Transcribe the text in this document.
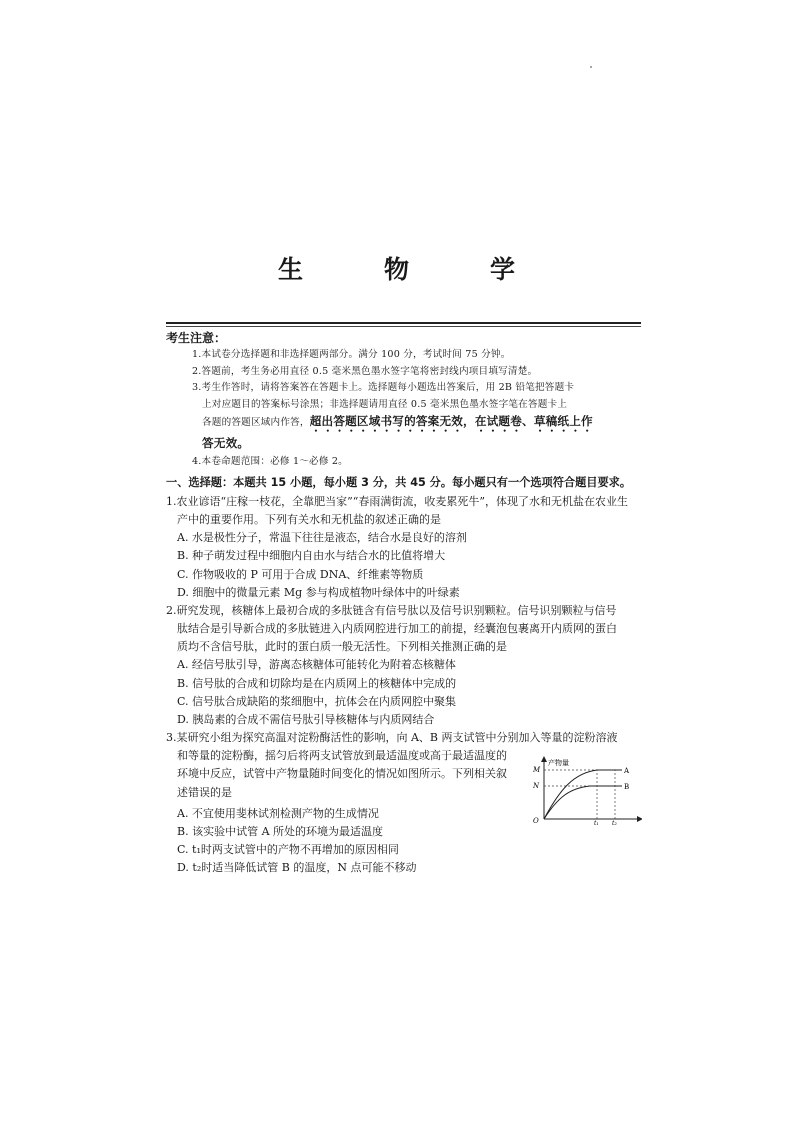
生　物　学
考生注意：

1.本试卷分选择题和非选择题两部分。满分 100 分，考试时间 75 分钟。

2.答题前，考生务必用直径 0.5 毫米黑色墨水签字笔将密封线内项目填写清楚。

3.考生作答时，请将答案答在答题卡上。选择题每小题选出答案后，用 2B 铅笔把答题卡

上对应题目的答案标号涂黑；非选择题请用直径 0.5 毫米黑色墨水签字笔在答题卡上

各题的答题区域内作答，超出答题区域书写的答案无效，在试题卷、草稿纸上作

答无效。

4.本卷命题范围：必修 1～必修 2。

一、选择题：本题共 15 小题，每小题 3 分，共 45 分。每小题只有一个选项符合题目要求。

1.农业谚语“庄稼一枝花，全靠肥当家”“春雨满街流，收麦累死牛”，体现了水和无机盐在农业生

产中的重要作用。下列有关水和无机盐的叙述正确的是

A. 水是极性分子，常温下往往是液态，结合水是良好的溶剂

B. 种子萌发过程中细胞内自由水与结合水的比值将增大

C. 作物吸收的 P 可用于合成 DNA、纤维素等物质

D. 细胞中的微量元素 Mg 参与构成植物叶绿体中的叶绿素

2.研究发现，核糖体上最初合成的多肽链含有信号肽以及信号识别颗粒。信号识别颗粒与信号

肽结合是引导新合成的多肽链进入内质网腔进行加工的前提，经囊泡包裹离开内质网的蛋白

质均不含信号肽，此时的蛋白质一般无活性。下列相关推测正确的是

A. 经信号肽引导，游离态核糖体可能转化为附着态核糖体

B. 信号肽的合成和切除均是在内质网上的核糖体中完成的

C. 信号肽合成缺陷的浆细胞中，抗体会在内质网腔中聚集

D. 胰岛素的合成不需信号肽引导核糖体与内质网结合

3.某研究小组为探究高温对淀粉酶活性的影响，向 A、B 两支试管中分别加入等量的淀粉溶液

和等量的淀粉酶，摇匀后将两支试管放到最适温度或高于最适温度的

环境中反应，试管中产物量随时间变化的情况如图所示。下列相关叙

述错误的是

A. 不宜使用斐林试剂检测产物的生成情况

B. 该实验中试管 A 所处的环境为最适温度

C. t₁时两支试管中的产物不再增加的原因相同

D. t₂时适当降低试管 B 的温度，N 点可能不移动

产物量
O
M
N
t₁ t₂
A
B
